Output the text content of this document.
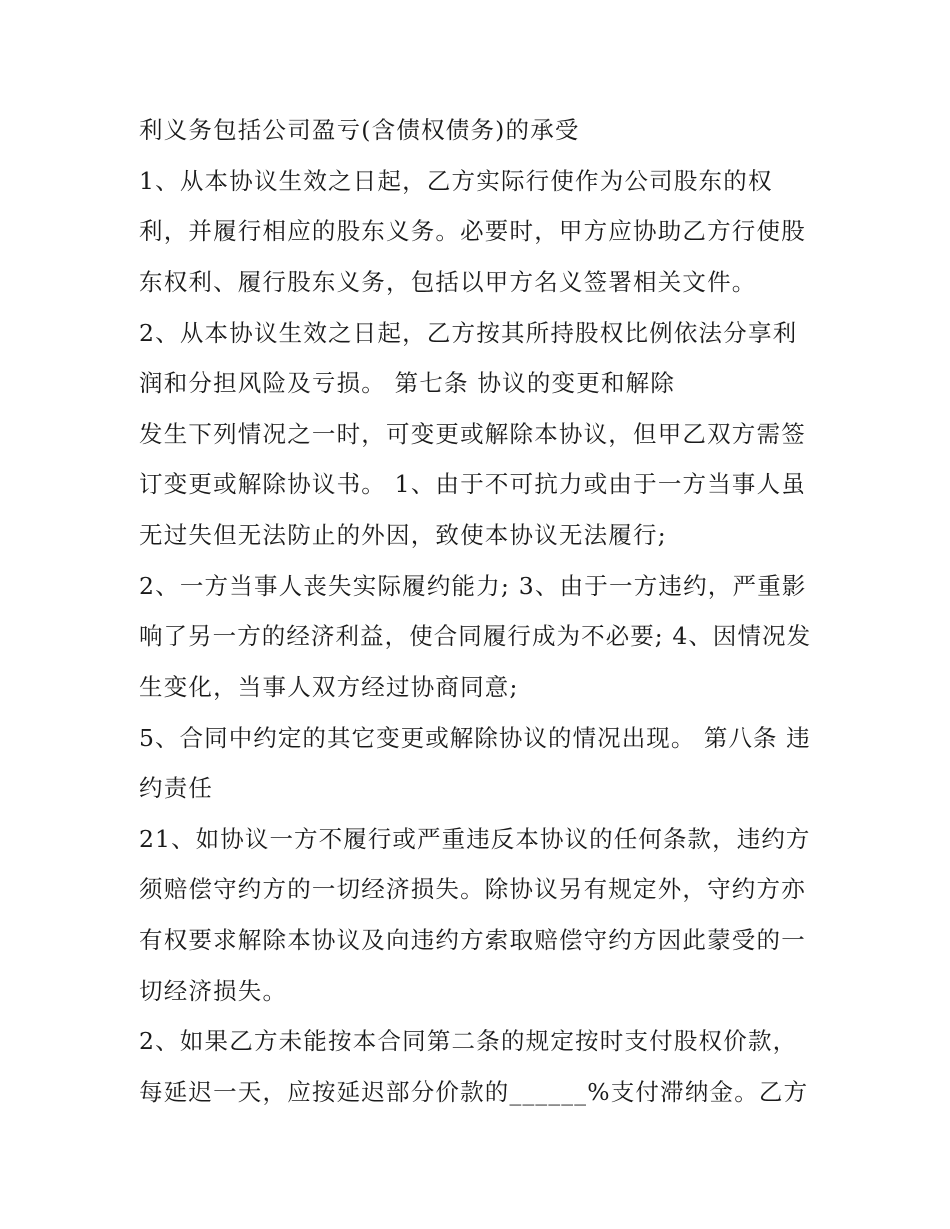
利义务包括公司盈亏(含债权债务)的承受

1、从本协议生效之日起，乙方实际行使作为公司股东的权

利，并履行相应的股东义务。必要时，甲方应协助乙方行使股

东权利、履行股东义务，包括以甲方名义签署相关文件。

2、从本协议生效之日起，乙方按其所持股权比例依法分享利

润和分担风险及亏损。 第七条 协议的变更和解除

发生下列情况之一时，可变更或解除本协议，但甲乙双方需签

订变更或解除协议书。 1、由于不可抗力或由于一方当事人虽

无过失但无法防止的外因，致使本协议无法履行;

2、一方当事人丧失实际履约能力; 3、由于一方违约，严重影

响了另一方的经济利益，使合同履行成为不必要; 4、因情况发

生变化，当事人双方经过协商同意;

5、合同中约定的其它变更或解除协议的情况出现。 第八条 违

约责任

21、如协议一方不履行或严重违反本协议的任何条款，违约方

须赔偿守约方的一切经济损失。除协议另有规定外，守约方亦

有权要求解除本协议及向违约方索取赔偿守约方因此蒙受的一

切经济损失。

2、如果乙方未能按本合同第二条的规定按时支付股权价款，

每延迟一天，应按延迟部分价款的______%支付滞纳金。乙方
